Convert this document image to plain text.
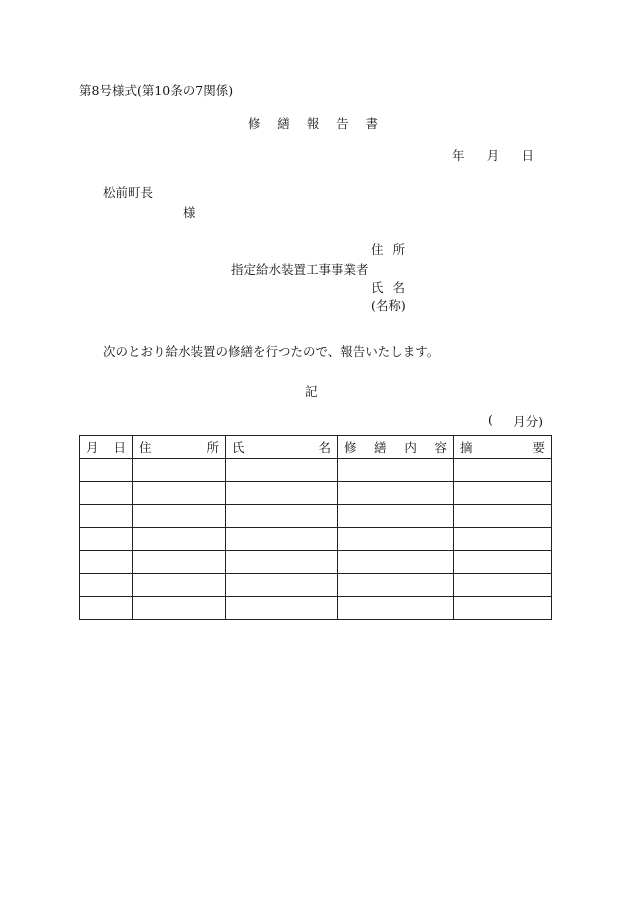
第8号様式(第10条の7関係)
修 繕 報 告 書
年 月 日
松前町長
様
住 所
指定給水装置工事事業者
氏 名
(名称)
次のとおり給水装置の修繕を行つたので、報告いたします。
記
( 月分)
月 日	住 所	氏 名	修 繕 内 容	摘 要
